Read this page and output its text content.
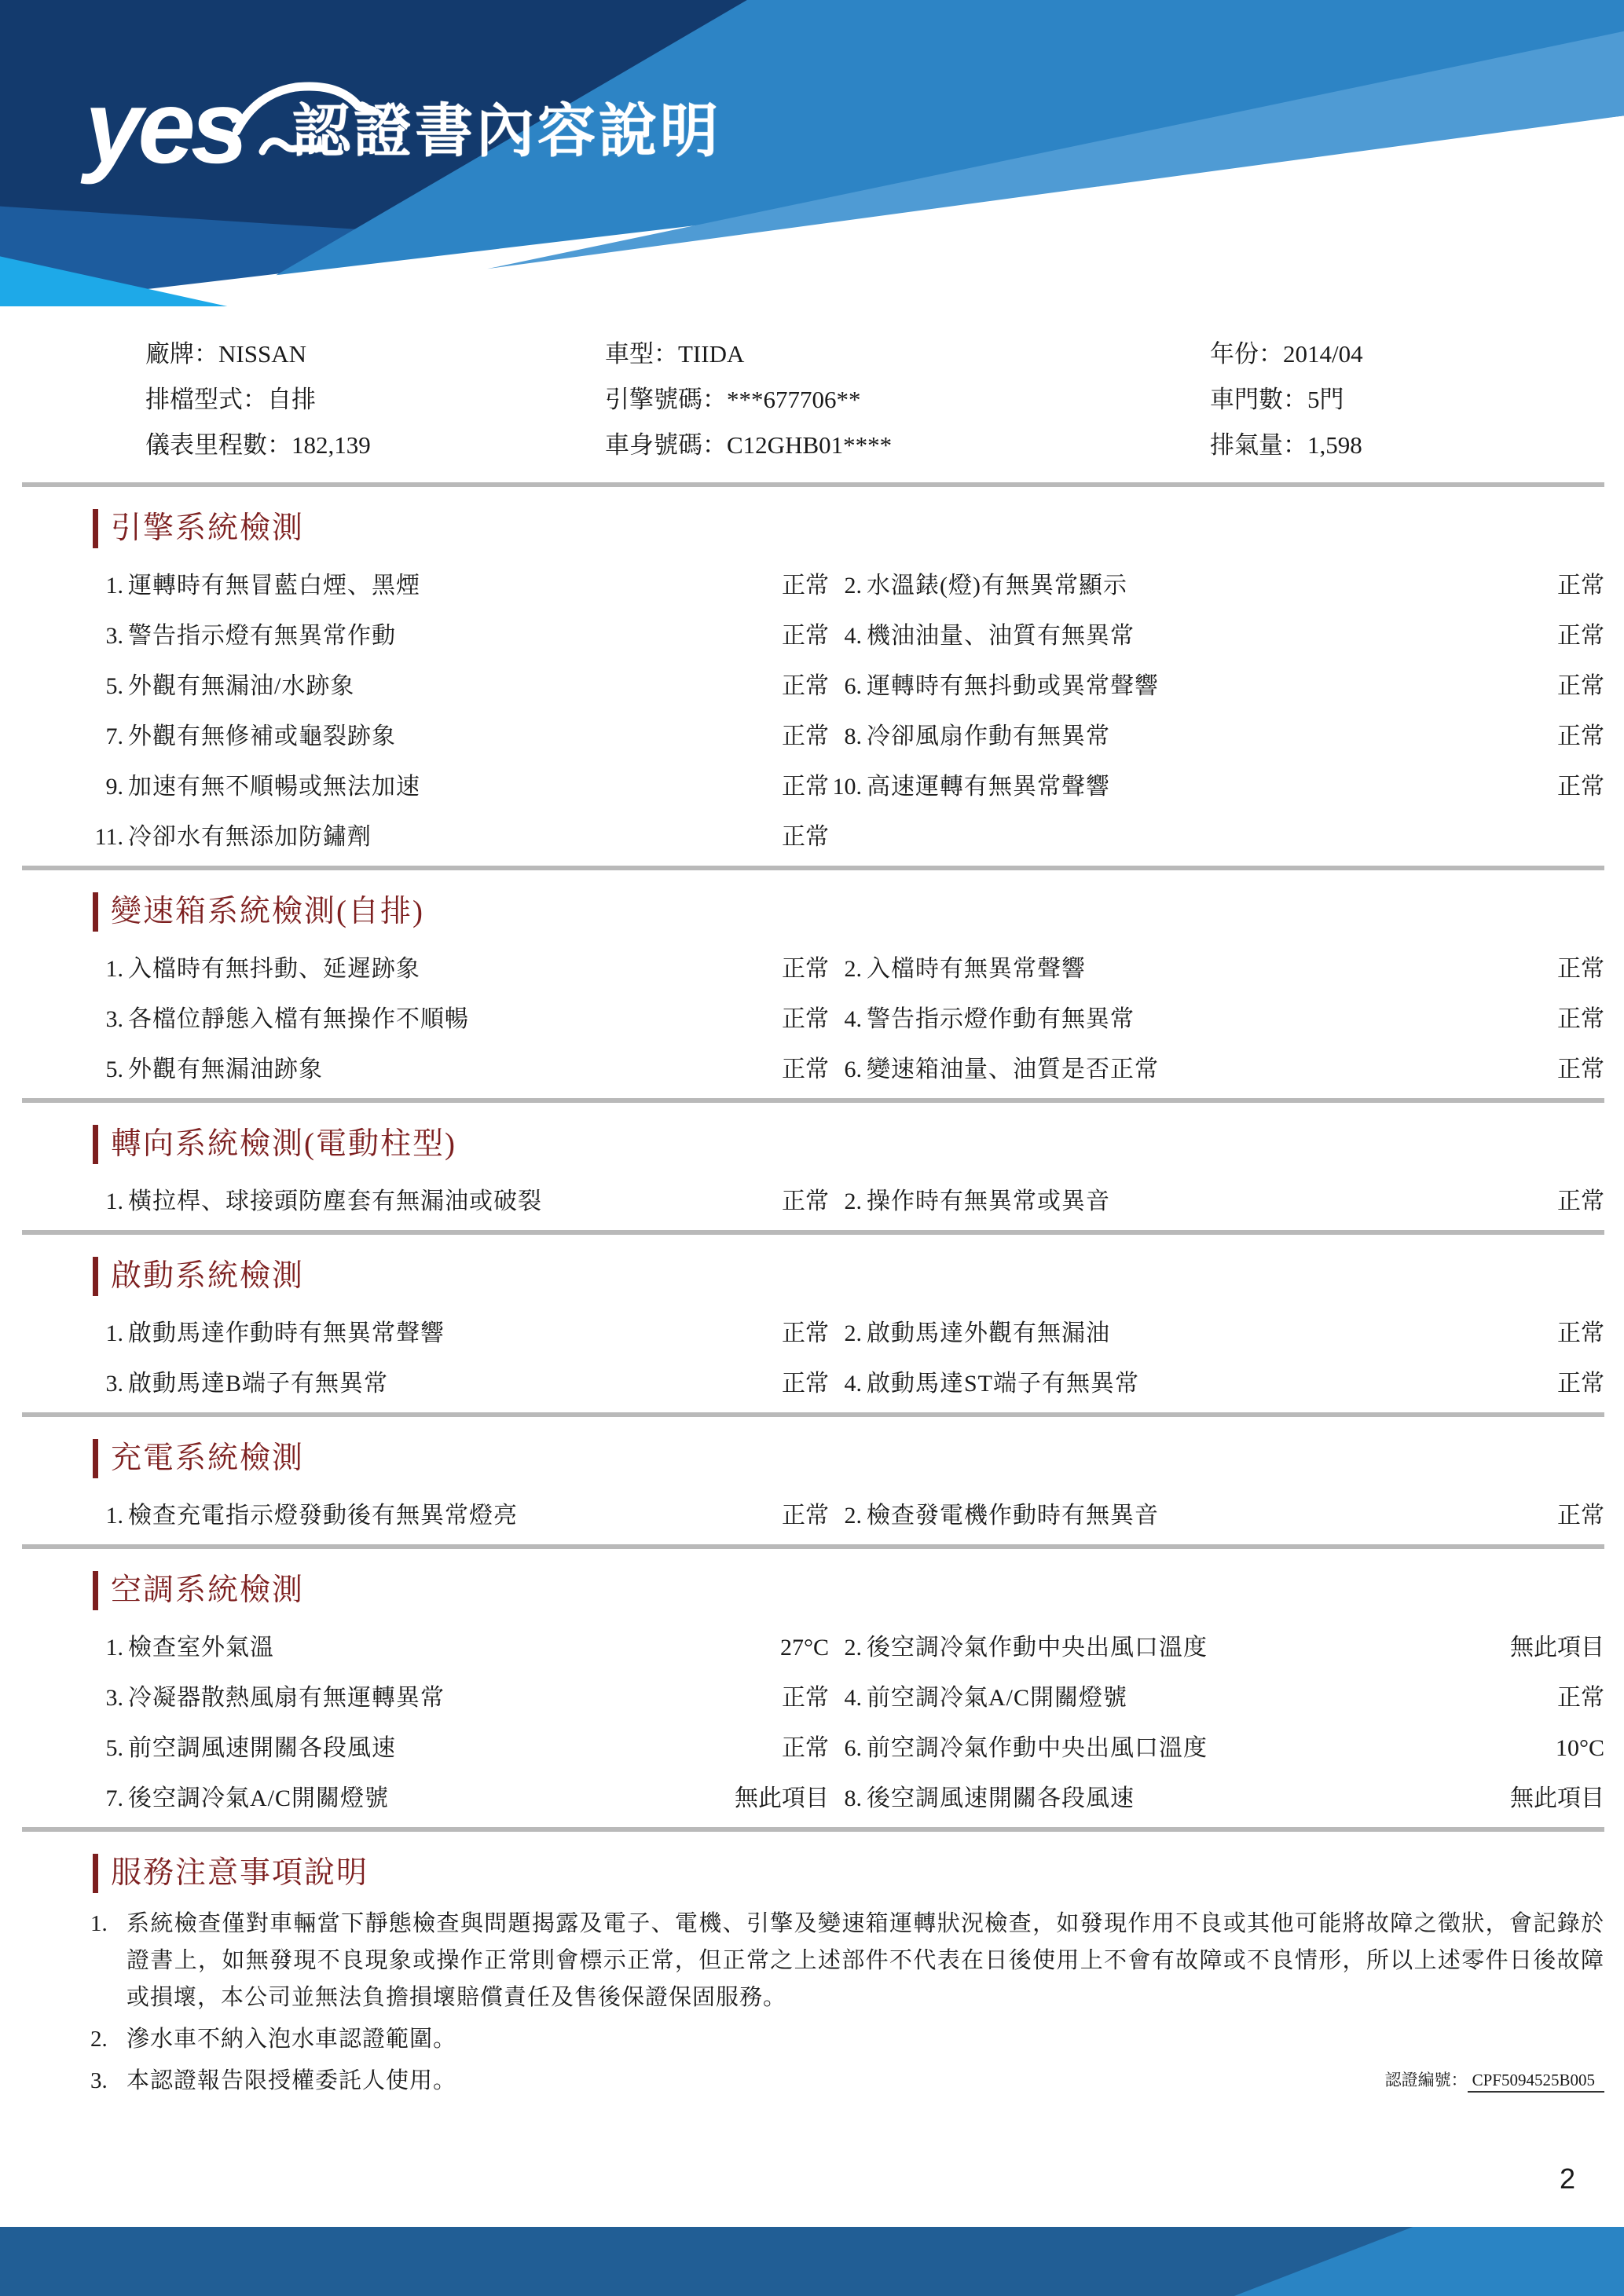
yes 認證書內容說明
廠牌：NISSAN	車型：TIIDA	年份：2014/04
排檔型式：自排	引擎號碼：***677706**	車門數：5門
儀表里程數：182,139	車身號碼：C12GHB01****	排氣量：1,598
引擎系統檢測
1. 運轉時有無冒藍白煙、黑煙	正常 2. 水溫錶(燈)有無異常顯示	正常
3. 警告指示燈有無異常作動	正常 4. 機油油量、油質有無異常	正常
5. 外觀有無漏油/水跡象	正常 6. 運轉時有無抖動或異常聲響	正常
7. 外觀有無修補或龜裂跡象	正常 8. 冷卻風扇作動有無異常	正常
9. 加速有無不順暢或無法加速	正常 10. 高速運轉有無異常聲響	正常
11. 冷卻水有無添加防鏽劑	正常
變速箱系統檢測(自排)
1. 入檔時有無抖動、延遲跡象	正常 2. 入檔時有無異常聲響	正常
3. 各檔位靜態入檔有無操作不順暢	正常 4. 警告指示燈作動有無異常	正常
5. 外觀有無漏油跡象	正常 6. 變速箱油量、油質是否正常	正常
轉向系統檢測(電動柱型)
1. 橫拉桿、球接頭防塵套有無漏油或破裂	正常 2. 操作時有無異常或異音	正常
啟動系統檢測
1. 啟動馬達作動時有無異常聲響	正常 2. 啟動馬達外觀有無漏油	正常
3. 啟動馬達B端子有無異常	正常 4. 啟動馬達ST端子有無異常	正常
充電系統檢測
1. 檢查充電指示燈發動後有無異常燈亮	正常 2. 檢查發電機作動時有無異音	正常
空調系統檢測
1. 檢查室外氣溫	27°C 2. 後空調冷氣作動中央出風口溫度	無此項目
3. 冷凝器散熱風扇有無運轉異常	正常 4. 前空調冷氣A/C開關燈號	正常
5. 前空調風速開關各段風速	正常 6. 前空調冷氣作動中央出風口溫度	10°C
7. 後空調冷氣A/C開關燈號	無此項目 8. 後空調風速開關各段風速	無此項目
服務注意事項說明
1. 系統檢查僅對車輛當下靜態檢查與問題揭露及電子、電機、引擎及變速箱運轉狀況檢查，如發現作用不良或其他可能將故障之徵狀，會記錄於證書上，如無發現不良現象或操作正常則會標示正常，但正常之上述部件不代表在日後使用上不會有故障或不良情形，所以上述零件日後故障或損壞，本公司並無法負擔損壞賠償責任及售後保證保固服務。
2. 滲水車不納入泡水車認證範圍。
3. 本認證報告限授權委託人使用。	認證編號： CPF5094525B005
2
